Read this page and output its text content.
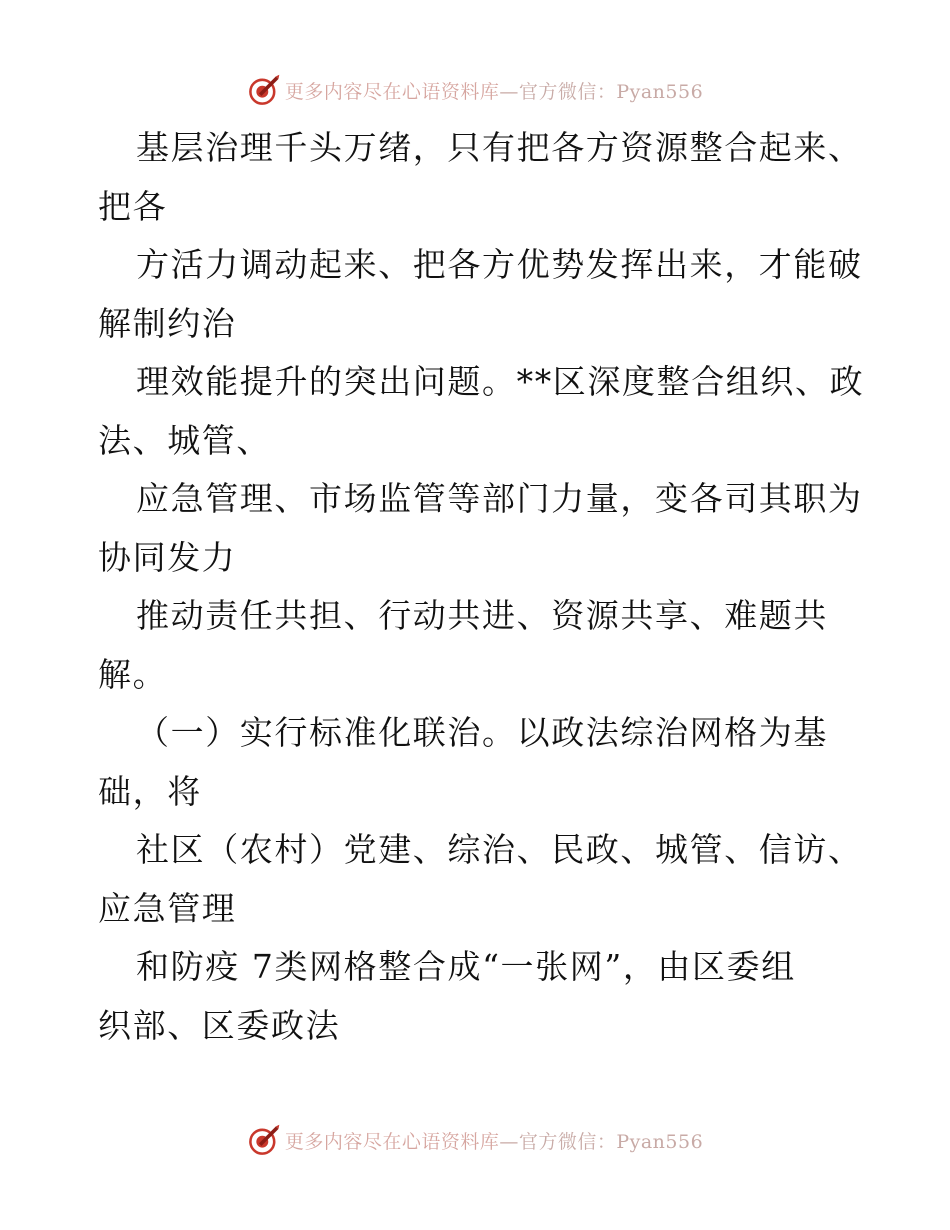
更多内容尽在心语资料库—官方微信：Pyan556
基层治理千头万绪，只有把各方资源整合起来、
把各
方活力调动起来、把各方优势发挥出来，才能破
解制约治
理效能提升的突出问题。**区深度整合组织、政
法、城管、
应急管理、市场监管等部门力量，变各司其职为
协同发力
推动责任共担、行动共进、资源共享、难题共
解。
（一）实行标准化联治。以政法综治网格为基
础，将
社区（农村）党建、综治、民政、城管、信访、
应急管理
和防疫 7类网格整合成“一张网”，由区委组
织部、区委政法
更多内容尽在心语资料库—官方微信：Pyan556
